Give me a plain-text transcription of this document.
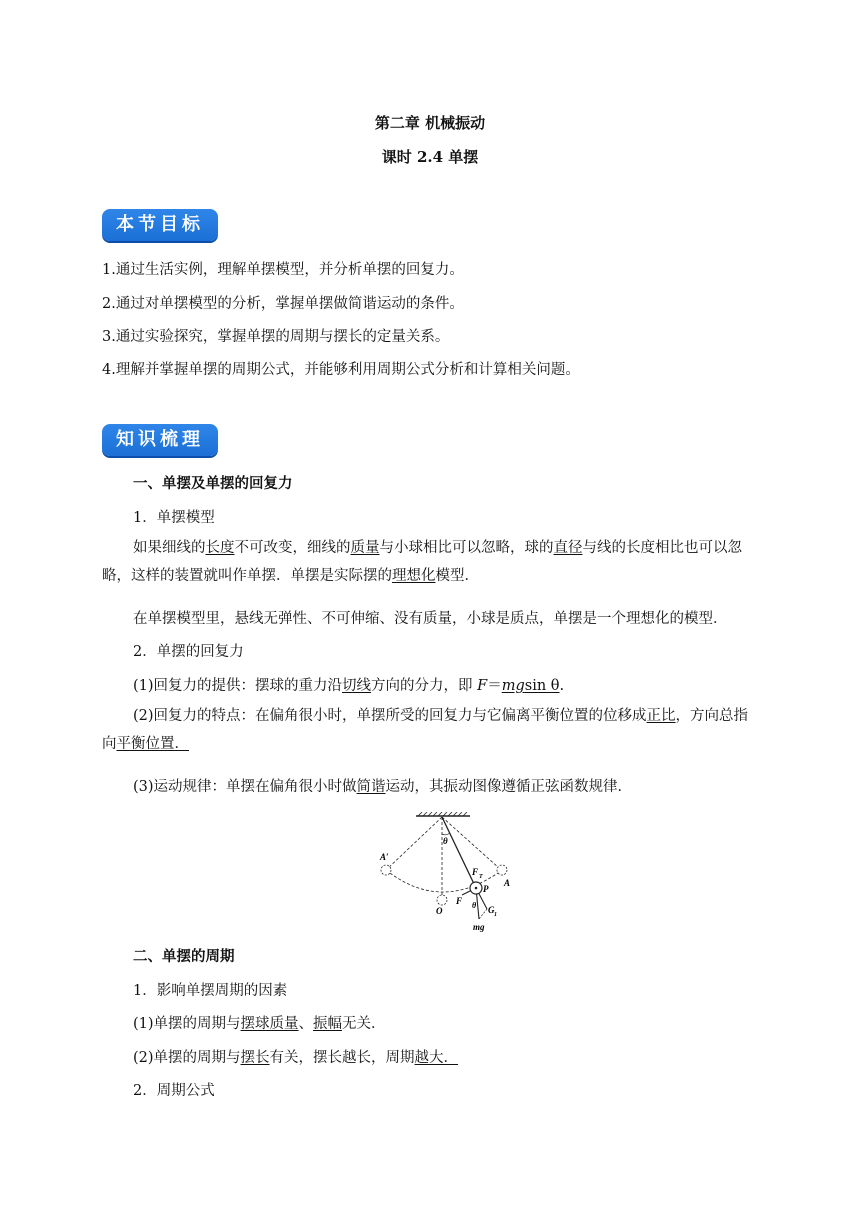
第二章 机械振动
课时 2.4 单摆
本节目标
1.通过生活实例，理解单摆模型，并分析单摆的回复力。
2.通过对单摆模型的分析，掌握单摆做简谐运动的条件。
3.通过实验探究，掌握单摆的周期与摆长的定量关系。
4.理解并掌握单摆的周期公式，并能够利用周期公式分析和计算相关问题。
知识梳理
一、单摆及单摆的回复力
1．单摆模型
如果细线的长度不可改变，细线的质量与小球相比可以忽略，球的直径与线的长度相比也可以忽略，这样的装置就叫作单摆．单摆是实际摆的理想化模型．
在单摆模型里，悬线无弹性、不可伸缩、没有质量，小球是质点，单摆是一个理想化的模型．
2．单摆的回复力
(1)回复力的提供：摆球的重力沿切线方向的分力，即 F＝mgsin θ.
(2)回复力的特点：在偏角很小时，单摆所受的回复力与它偏离平衡位置的位移成正比，方向总指向平衡位置．
(3)运动规律：单摆在偏角很小时做简谐运动，其振动图像遵循正弦函数规律．
θ
A′
F T
P
A
O
F θ G 1
mg
二、单摆的周期
1．影响单摆周期的因素
(1)单摆的周期与摆球质量、振幅无关．
(2)单摆的周期与摆长有关，摆长越长，周期越大．
2．周期公式
